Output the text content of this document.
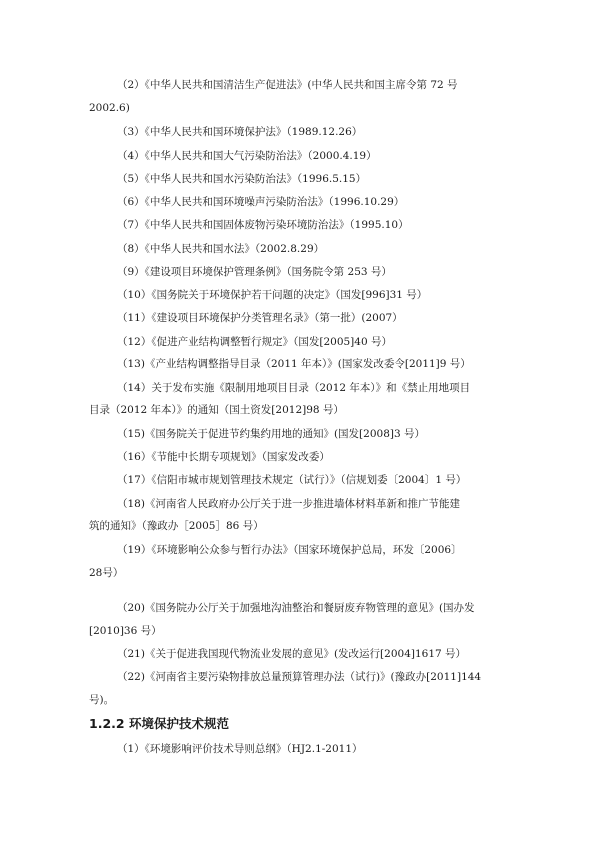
（2）《中华人民共和国清洁生产促进法》(中华人民共和国主席令第 72 号
2002.6)
（3）《中华人民共和国环境保护法》（1989.12.26）
（4）《中华人民共和国大气污染防治法》（2000.4.19）
（5）《中华人民共和国水污染防治法》（1996.5.15）
（6）《中华人民共和国环境噪声污染防治法》（1996.10.29）
（7）《中华人民共和国固体废物污染环境防治法》（1995.10）
（8）《中华人民共和国水法》（2002.8.29）
（9）《建设项目环境保护管理条例》（国务院令第 253 号）
（10）《国务院关于环境保护若干问题的决定》（国发[996]31 号）
（11）《建设项目环境保护分类管理名录》（第一批）(2007）
（12）《促进产业结构调整暂行规定》（国发[2005]40 号）
（13)《产业结构调整指导目录（2011 年本）》(国家发改委令[2011]9 号）
（14）关于发布实施《限制用地项目目录（2012 年本）》和《禁止用地项目
目录（2012 年本）》的通知（国土资发[2012]98 号）
（15)《国务院关于促进节约集约用地的通知》(国发[2008]3 号）
（16）《节能中长期专项规划》（国家发改委）
（17）《信阳市城市规划管理技术规定（试行）》（信规划委〔2004〕1 号）
（18)《河南省人民政府办公厅关于进一步推进墙体材料革新和推广节能建
筑的通知》（豫政办［2005］86 号）
（19）《环境影响公众参与暂行办法》（国家环境保护总局，环发〔2006〕
28号）
（20)《国务院办公厅关于加强地沟油整治和餐厨废弃物管理的意见》(国办发
[2010]36 号）
（21)《关于促进我国现代物流业发展的意见》(发改运行[2004]1617 号）
（22)《河南省主要污染物排放总量预算管理办法（试行)》(豫政办[2011]144
号)。
1.2.2 环境保护技术规范
（1）《环境影响评价技术导则总纲》（HJ2.1-2011）
